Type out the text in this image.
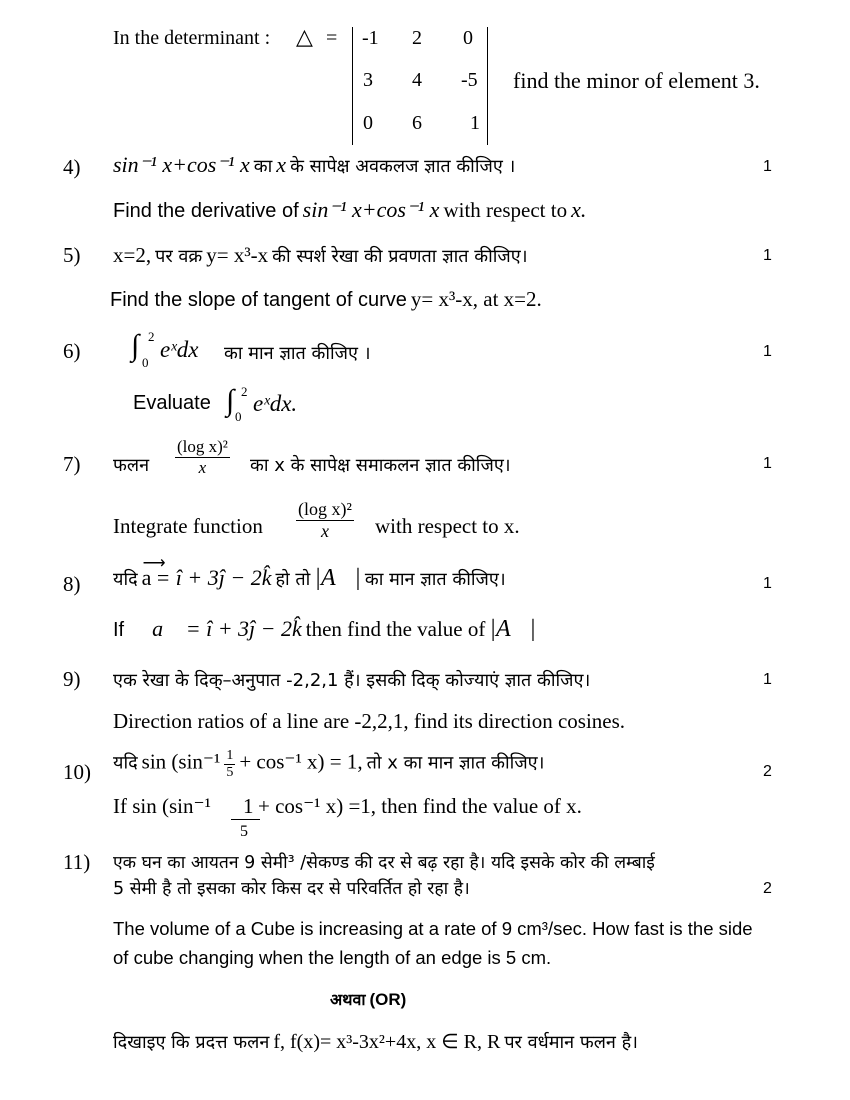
In the determinant : △ = -1 2 0
3 4 -5
0 6 1
find the minor of element 3.
4) sin⁻¹ x+cos⁻¹ x का x के सापेक्ष अवकलज ज्ञात कीजिए ।	1
Find the derivative of sin⁻¹ x+cos⁻¹ x with respect to x.
5) x=2, पर वक्र y= x³-x की स्पर्श रेखा की प्रवणता ज्ञात कीजिए।	1
Find the slope of tangent of curve y= x³-x, at x=2.
6) ∫ 2
0
eˣdx का मान ज्ञात कीजिए ।	1
Evaluate ∫ 2
0
eˣdx.
7) फलन $\frac{\text{(log x)²}}{x}$ का x के सापेक्ष समाकलन ज्ञात कीजिए।	1
Integrate function $\frac{\text{(log x)²}}{x}$ with respect to x.
8) यदि
⟶
a = î + 3ĵ − 2k̂ हो तो |A⃗| का मान ज्ञात कीजिए।	1
If a⃗ = î + 3ĵ − 2k̂ then find the value of |A⃗|
9) एक रेखा के दिक्–अनुपात -2,2,1 हैं। इसकी दिक् कोज्याएं ज्ञात कीजिए।	1
Direction ratios of a line are -2,2,1, find its direction cosines.
10) यदि $\sin (\sin^{-1} \frac{1}{5} + \cos^{-1}$ x) = 1, तो x का मान ज्ञात कीजिए।	2
If sin (sin⁻¹ 1 + cos⁻¹ x) =1, then find the value of x.
5
11) एक घन का आयतन 9 सेमी³ /सेकण्ड की दर से बढ़ रहा है। यदि इसके कोर की लम्बाई
5 सेमी है तो इसका कोर किस दर से परिवर्तित हो रहा है।	2
The volume of a Cube is increasing at a rate of 9 cm³/sec. How fast is the side
of cube changing when the length of an edge is 5 cm.
अथवा (OR)
दिखाइए कि प्रदत्त फलन f, f(x)= x³-3x²+4x, x ∈ R, R पर वर्धमान फलन है।
